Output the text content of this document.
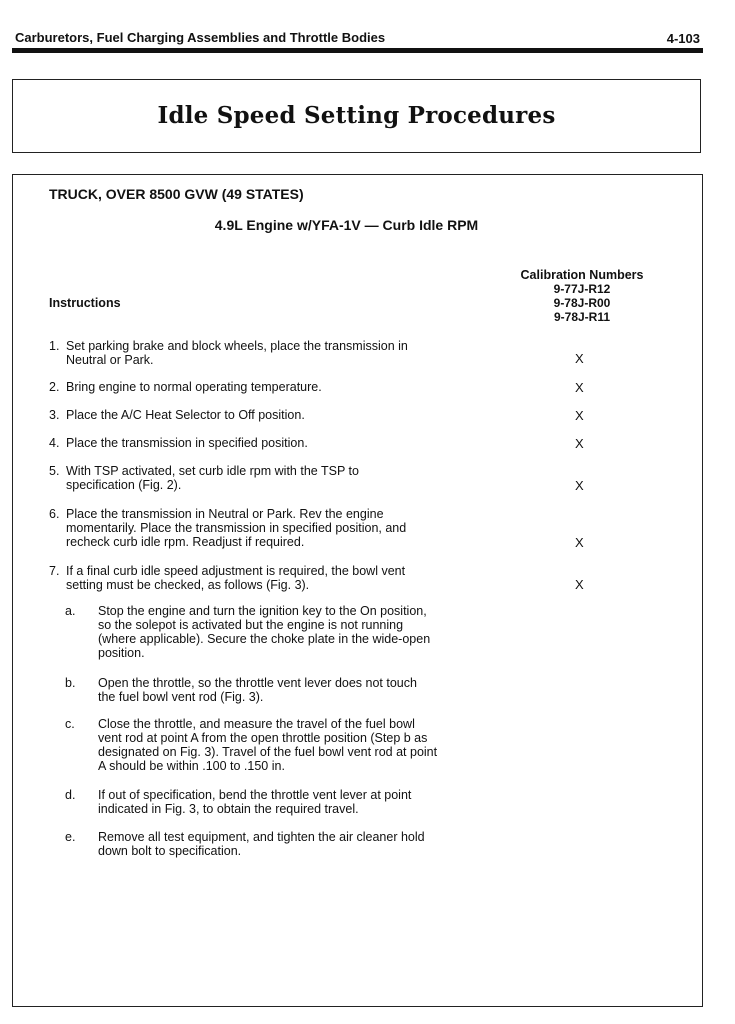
Carburetors, Fuel Charging Assemblies and Throttle Bodies	4-103
Idle Speed Setting Procedures
TRUCK, OVER 8500 GVW (49 STATES)
4.9L Engine w/YFA-1V — Curb Idle RPM
Calibration Numbers
9-77J-R12
9-78J-R00
9-78J-R11
Instructions
1. Set parking brake and block wheels, place the transmission in
Neutral or Park.	X
2. Bring engine to normal operating temperature.	X
3. Place the A/C Heat Selector to Off position.	X
4. Place the transmission in specified position.	X
5. With TSP activated, set curb idle rpm with the TSP to
specification (Fig. 2).	X
6. Place the transmission in Neutral or Park. Rev the engine
momentarily. Place the transmission in specified position, and
recheck curb idle rpm. Readjust if required.	X
7. If a final curb idle speed adjustment is required, the bowl vent
setting must be checked, as follows (Fig. 3).	X
a. Stop the engine and turn the ignition key to the On position,
so the solepot is activated but the engine is not running
(where applicable). Secure the choke plate in the wide-open
position.
b. Open the throttle, so the throttle vent lever does not touch
the fuel bowl vent rod (Fig. 3).
c. Close the throttle, and measure the travel of the fuel bowl
vent rod at point A from the open throttle position (Step b as
designated on Fig. 3). Travel of the fuel bowl vent rod at point
A should be within .100 to .150 in.
d. If out of specification, bend the throttle vent lever at point
indicated in Fig. 3, to obtain the required travel.
e. Remove all test equipment, and tighten the air cleaner hold
down bolt to specification.
